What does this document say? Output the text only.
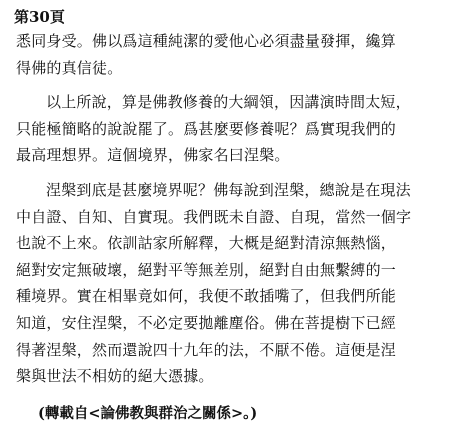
第30頁

悉同身受。佛以爲這種純潔的愛他心必須盡量發揮，纔算
得佛的真信徒。

以上所說，算是佛教修養的大綱領，因講演時間太短，
只能極簡略的說說罷了。爲甚麼要修養呢？爲實現我們的
最高理想界。這個境界，佛家名曰涅槃。

涅槃到底是甚麼境界呢？佛每說到涅槃，總說是在現法
中自證、自知、自實現。我們既未自證、自現，當然一個字
也說不上來。依訓詁家所解釋，大概是絕對清涼無熱惱，
絕對安定無破壞，絕對平等無差別，絕對自由無繫縛的一
種境界。實在相畢竟如何，我便不敢插嘴了，但我們所能
知道，安住涅槃，不必定要拋離塵俗。佛在菩提樹下已經
得著涅槃，然而還說四十九年的法，不厭不倦。這便是涅
槃與世法不相妨的絕大憑據。

(轉載自<論佛教與群治之關係>。)
